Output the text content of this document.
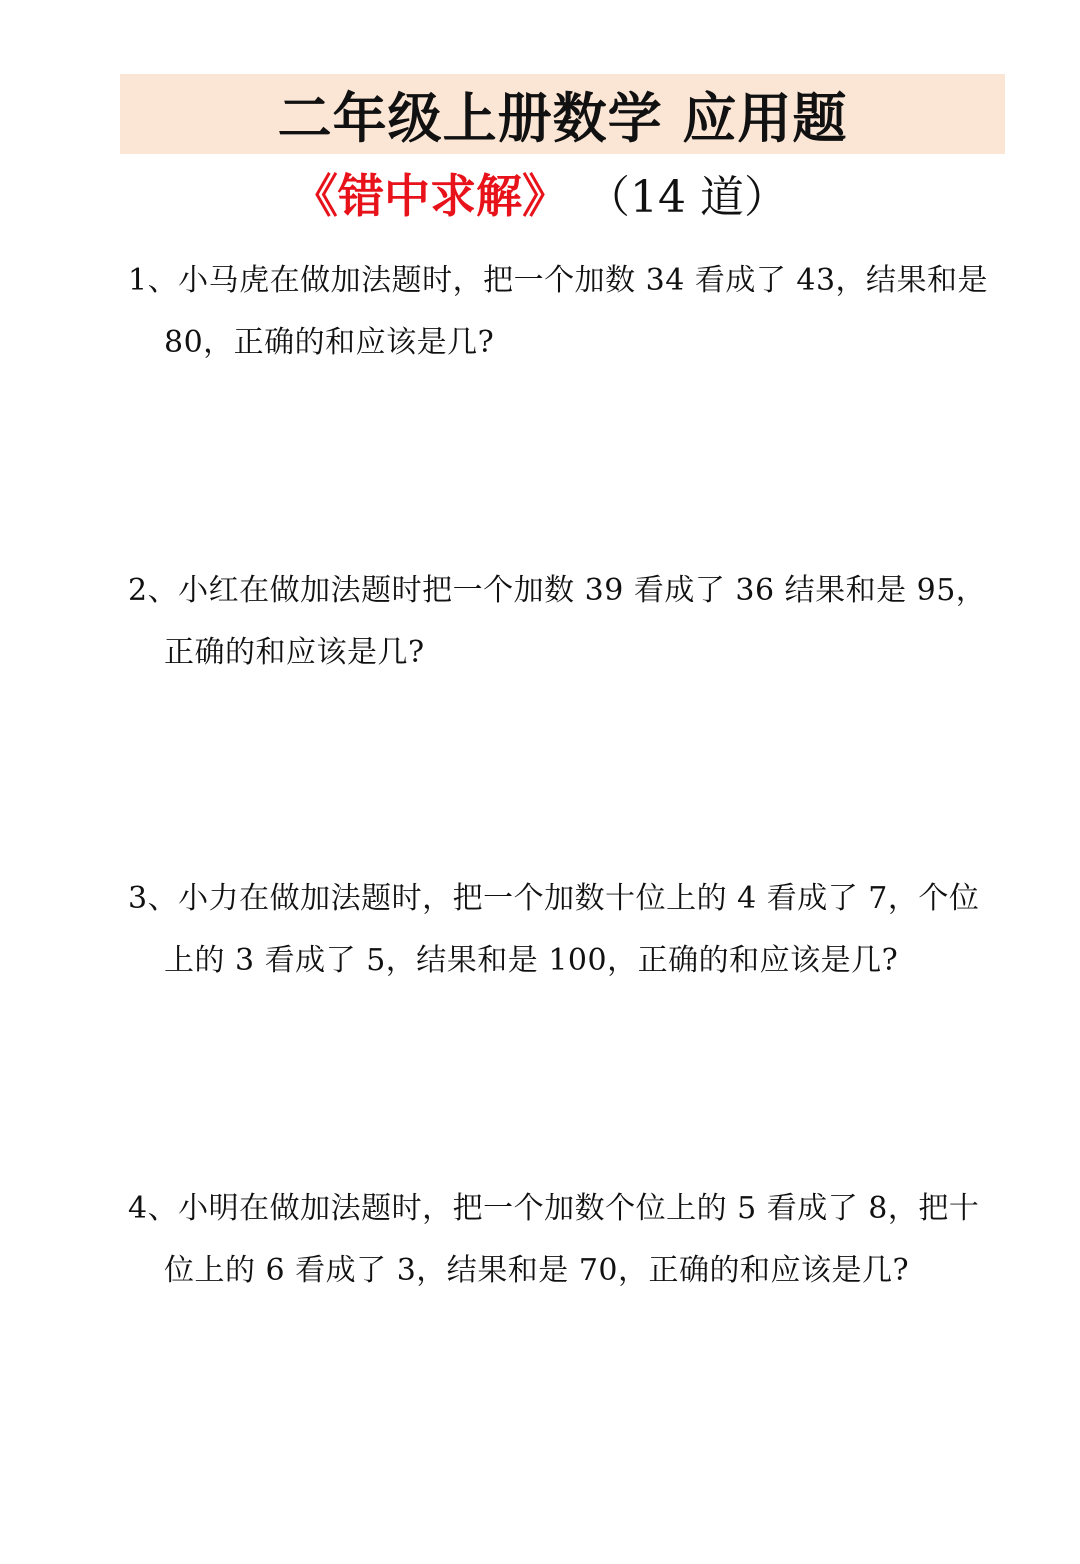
二年级上册数学 应用题
《错中求解》 （14 道）
1、小马虎在做加法题时，把一个加数 34 看成了 43，结果和是
80，正确的和应该是几?
2、小红在做加法题时把一个加数 39 看成了 36 结果和是 95，
正确的和应该是几?
3、小力在做加法题时，把一个加数十位上的 4 看成了 7，个位
上的 3 看成了 5，结果和是 100，正确的和应该是几?
4、小明在做加法题时，把一个加数个位上的 5 看成了 8，把十
位上的 6 看成了 3，结果和是 70，正确的和应该是几?
